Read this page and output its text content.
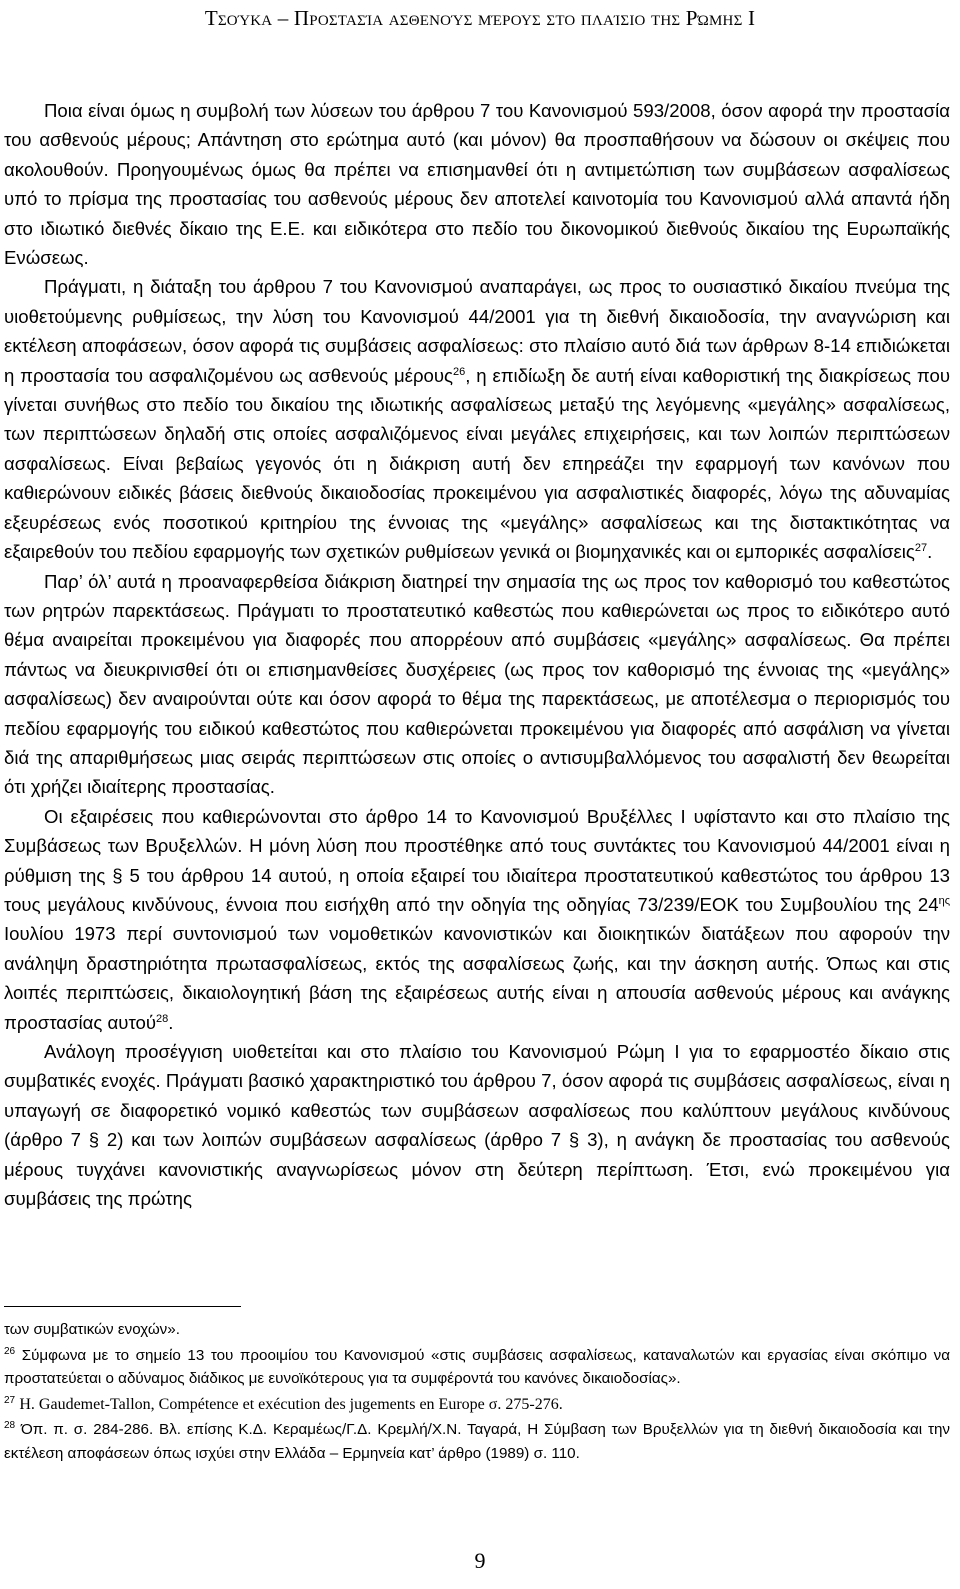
Τσούκα – Προστασία ασθενούς μέρους στο πλαίσιο της Ρώμης Ι

Ποια είναι όμως η συμβολή των λύσεων του άρθρου 7 του Κανονισμού 593/2008, όσον αφορά την προστασία του ασθενούς μέρους; Απάντηση στο ερώτημα αυτό (και μόνον) θα προσπαθήσουν να δώσουν οι σκέψεις που ακολουθούν. Προηγουμένως όμως θα πρέπει να επισημανθεί ότι η αντιμετώπιση των συμβάσεων ασφαλίσεως υπό το πρίσμα της προστασίας του ασθενούς μέρους δεν αποτελεί καινοτομία του Κανονισμού αλλά απαντά ήδη στο ιδιωτικό διεθνές δίκαιο της Ε.Ε. και ειδικότερα στο πεδίο του δικονομικού διεθνούς δικαίου της Ευρωπαϊκής Ενώσεως.

Πράγματι, η διάταξη του άρθρου 7 του Κανονισμού αναπαράγει, ως προς το ουσιαστικό δικαίου πνεύμα της υιοθετούμενης ρυθμίσεως, την λύση του Κανονισμού 44/2001 για τη διεθνή δικαιοδοσία, την αναγνώριση και εκτέλεση αποφάσεων, όσον αφορά τις συμβάσεις ασφαλίσεως: στο πλαίσιο αυτό διά των άρθρων 8-14 επιδιώκεται η προστασία του ασφαλιζομένου ως ασθενούς μέρους$^{26}$, η επιδίωξη δε αυτή είναι καθοριστική της διακρίσεως που γίνεται συνήθως στο πεδίο του δικαίου της ιδιωτικής ασφαλίσεως μεταξύ της λεγόμενης «μεγάλης» ασφαλίσεως, των περιπτώσεων δηλαδή στις οποίες ασφαλιζόμενος είναι μεγάλες επιχειρήσεις, και των λοιπών περιπτώσεων ασφαλίσεως. Είναι βεβαίως γεγονός ότι η διάκριση αυτή δεν επηρεάζει την εφαρμογή των κανόνων που καθιερώνουν ειδικές βάσεις διεθνούς δικαιοδοσίας προκειμένου για ασφαλιστικές διαφορές, λόγω της αδυναμίας εξευρέσεως ενός ποσοτικού κριτηρίου της έννοιας της «μεγάλης» ασφαλίσεως και της διστακτικότητας να εξαιρεθούν του πεδίου εφαρμογής των σχετικών ρυθμίσεων γενικά οι βιομηχανικές και οι εμπορικές ασφαλίσεις$^{27}$.

Παρ’ όλ’ αυτά η προαναφερθείσα διάκριση διατηρεί την σημασία της ως προς τον καθορισμό του καθεστώτος των ρητρών παρεκτάσεως. Πράγματι το προστατευτικό καθεστώς που καθιερώνεται ως προς το ειδικότερο αυτό θέμα αναιρείται προκειμένου για διαφορές που απορρέουν από συμβάσεις «μεγάλης» ασφαλίσεως. Θα πρέπει πάντως να διευκρινισθεί ότι οι επισημανθείσες δυσχέρειες (ως προς τον καθορισμό της έννοιας της «μεγάλης» ασφαλίσεως) δεν αναιρούνται ούτε και όσον αφορά το θέμα της παρεκτάσεως, με αποτέλεσμα ο περιορισμός του πεδίου εφαρμογής του ειδικού καθεστώτος που καθιερώνεται προκειμένου για διαφορές από ασφάλιση να γίνεται διά της απαριθμήσεως μιας σειράς περιπτώσεων στις οποίες ο αντισυμβαλλόμενος του ασφαλιστή δεν θεωρείται ότι χρήζει ιδιαίτερης προστασίας.

Οι εξαιρέσεις που καθιερώνονται στο άρθρο 14 το Κανονισμού Βρυξέλλες Ι υφίσταντο και στο πλαίσιο της Συμβάσεως των Βρυξελλών. Η μόνη λύση που προστέθηκε από τους συντάκτες του Κανονισμού 44/2001 είναι η ρύθμιση της § 5 του άρθρου 14 αυτού, η οποία εξαιρεί του ιδιαίτερα προστατευτικού καθεστώτος του άρθρου 13 τους μεγάλους κινδύνους, έννοια που εισήχθη από την οδηγία της οδηγίας 73/239/ΕΟΚ του Συμβουλίου της $24^{\eta\varsigma}$ Ιουλίου 1973 περί συντονισμού των νομοθετικών κανονιστικών και διοικητικών διατάξεων που αφορούν την ανάληψη δραστηριότητα πρωτασφαλίσεως, εκτός της ασφαλίσεως ζωής, και την άσκηση αυτής. Όπως και στις λοιπές περιπτώσεις, δικαιολογητική βάση της εξαιρέσεως αυτής είναι η απουσία ασθενούς μέρους και ανάγκης προστασίας αυτού$^{28}$.

Ανάλογη προσέγγιση υιοθετείται και στο πλαίσιο του Κανονισμού Ρώμη Ι για το εφαρμοστέο δίκαιο στις συμβατικές ενοχές. Πράγματι βασικό χαρακτηριστικό του άρθρου 7, όσον αφορά τις συμβάσεις ασφαλίσεως, είναι η υπαγωγή σε διαφορετικό νομικό καθεστώς των συμβάσεων ασφαλίσεως που καλύπτουν μεγάλους κινδύνους (άρθρο 7 § 2) και των λοιπών συμβάσεων ασφαλίσεως (άρθρο 7 § 3), η ανάγκη δε προστασίας του ασθενούς μέρους τυγχάνει κανονιστικής αναγνωρίσεως μόνον στη δεύτερη περίπτωση. Έτσι, ενώ προκειμένου για συμβάσεις της πρώτης

των συμβατικών ενοχών».

$^{26}$ Σύμφωνα με το σημείο 13 του προοιμίου του Κανονισμού «στις συμβάσεις ασφαλίσεως, καταναλωτών και εργασίας είναι σκόπιμο να προστατεύεται ο αδύναμος διάδικος με ευνοϊκότερους για τα συμφέροντά του κανόνες δικαιοδοσίας».

$^{27}$ H. Gaudemet-Tallon, Compétence et exécution des jugements en Europe σ. 275-276.

$^{28}$ Όπ. π. σ. 284-286. Βλ. επίσης Κ.Δ. Κεραμέως/Γ.Δ. Κρεμλή/Χ.Ν. Ταγαρά, Η Σύμβαση των Βρυξελλών για τη διεθνή δικαιοδοσία και την εκτέλεση αποφάσεων όπως ισχύει στην Ελλάδα – Ερμηνεία κατ’ άρθρο (1989) σ. 110.

9
